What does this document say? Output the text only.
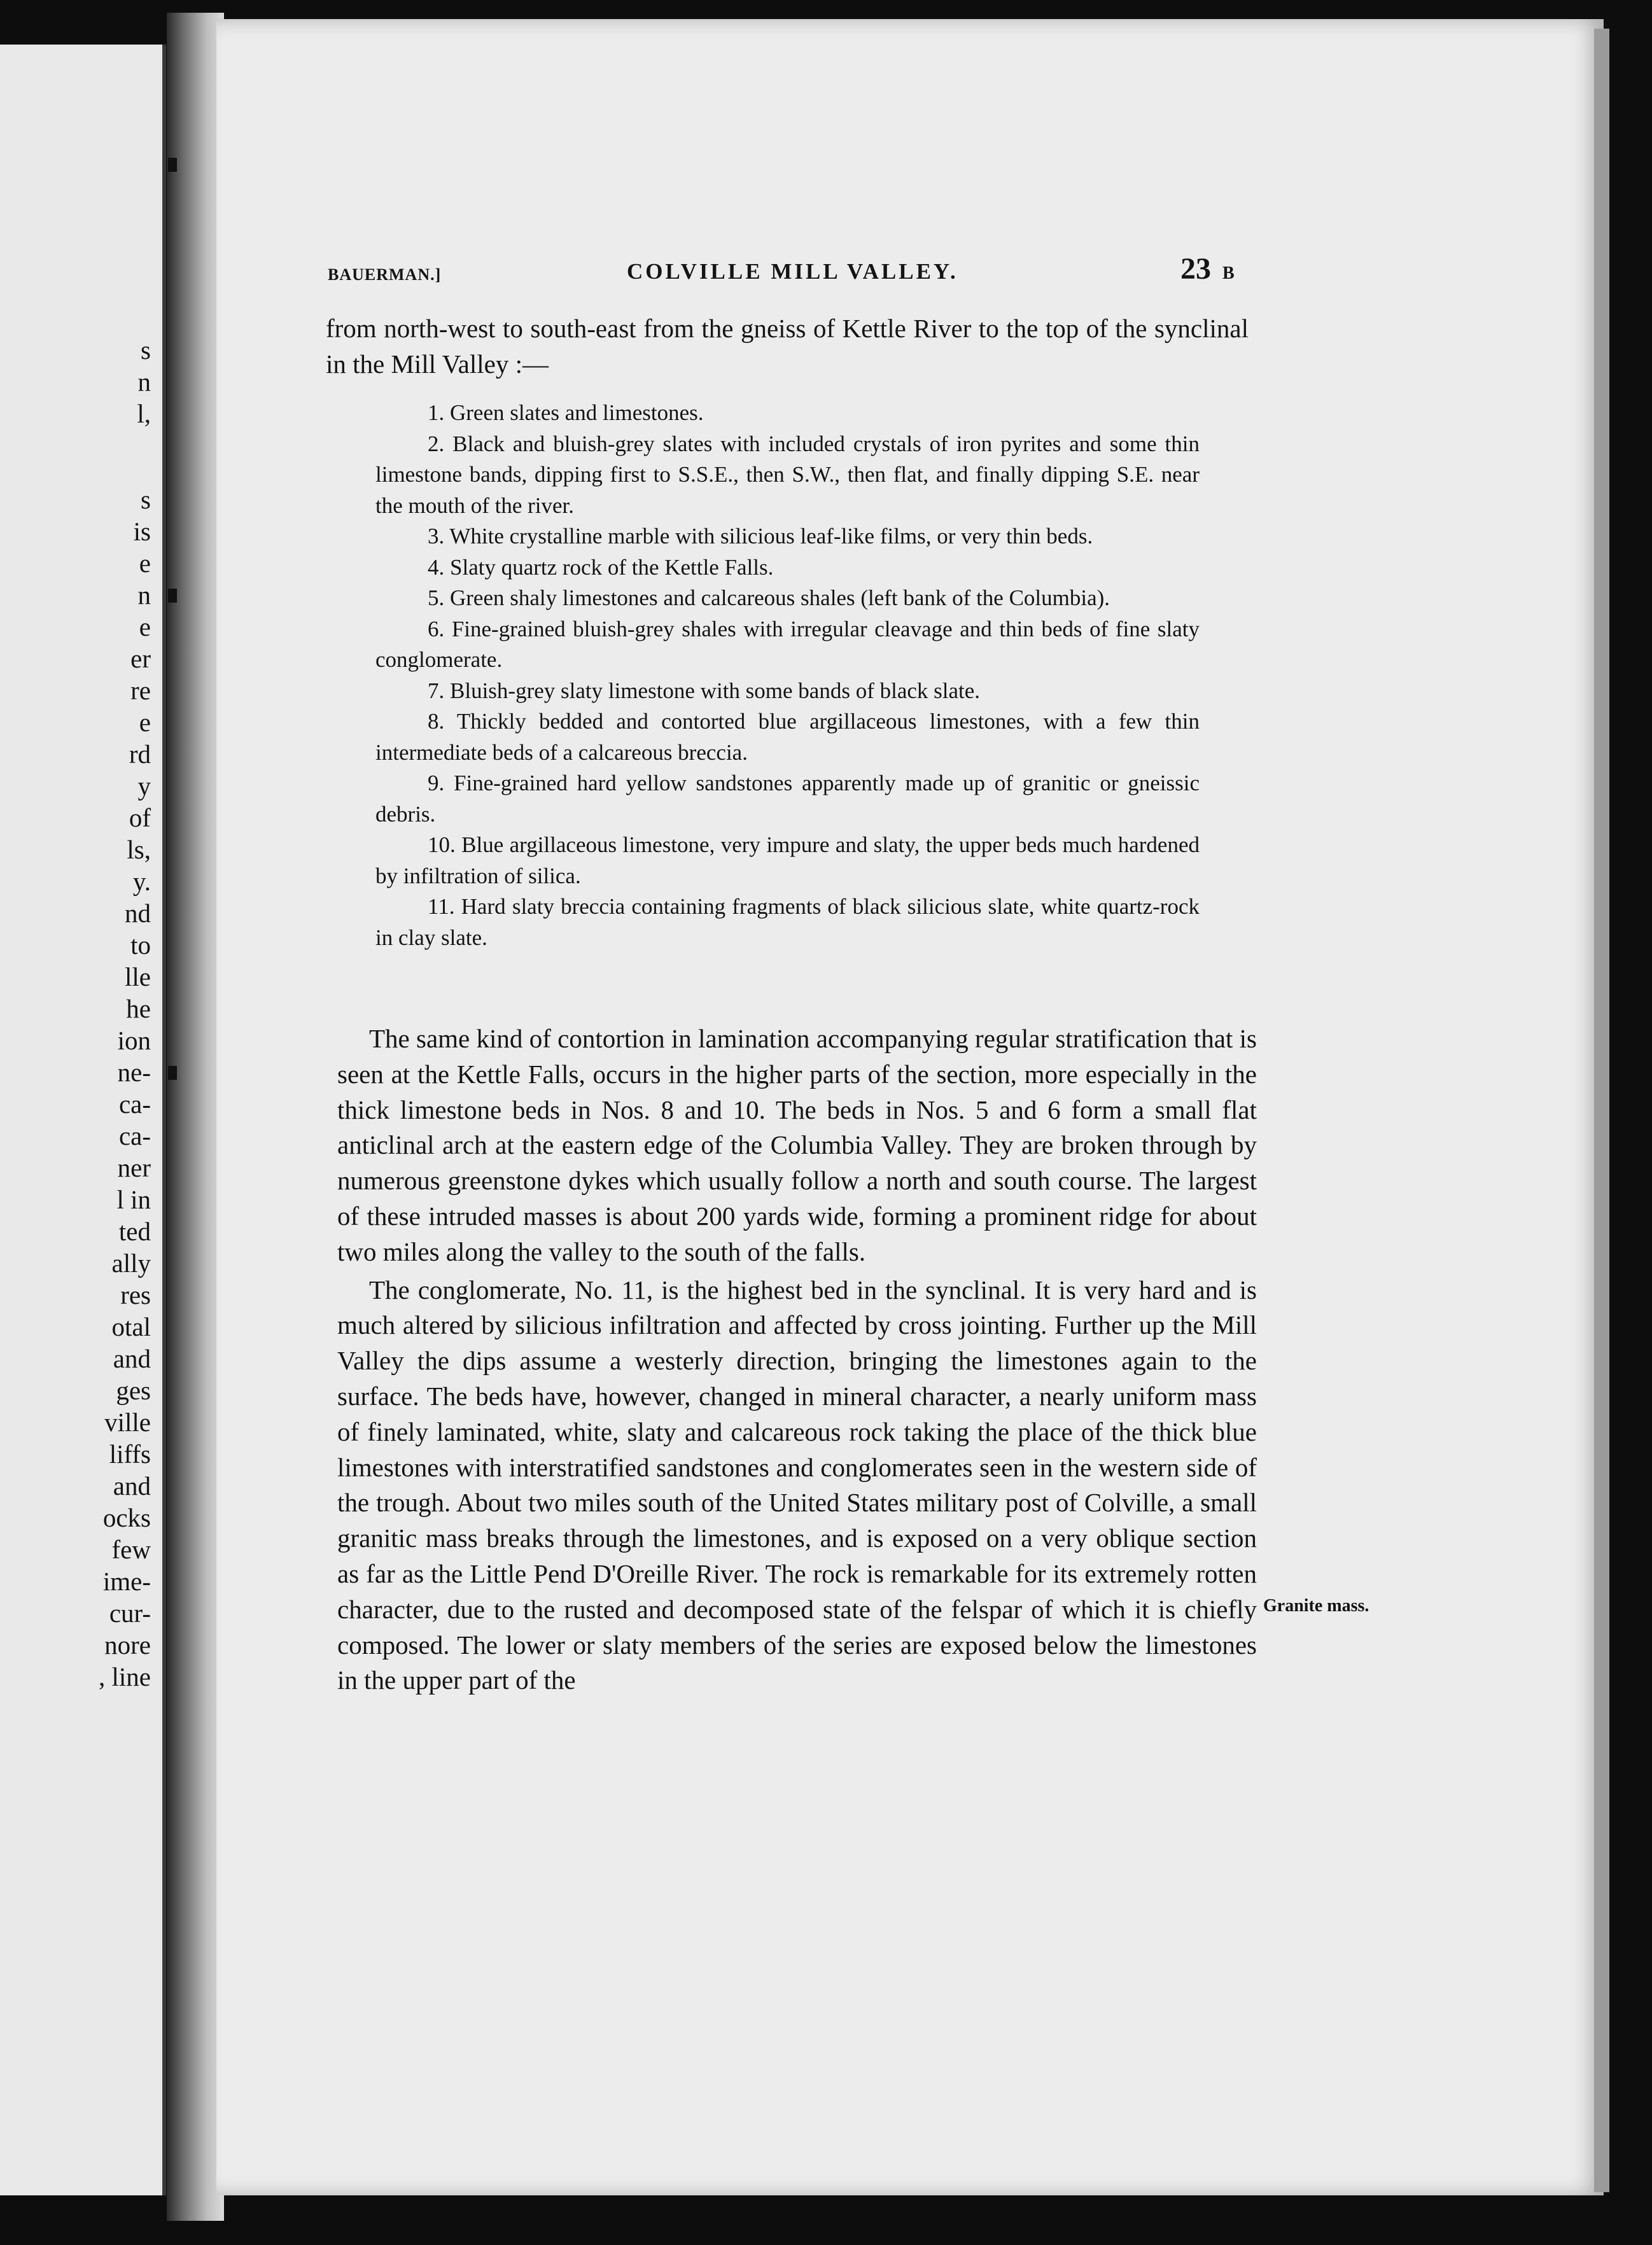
s
n
l,
s
is
e
n
e
er
re
e
rd
y
of
ls,
y.
nd
to
lle
he
ion
ne-
ca-
ca-
ner
l in
ted
ally
res
otal
and
ges
ville
liffs
and
ocks
few
ime-
cur-
nore
, line
BAUERMAN.]	COLVILLE MILL VALLEY.	23 B
from north-west to south-east from the gneiss of Kettle River to the top of the synclinal in the Mill Valley :—
1. Green slates and limestones.
2. Black and bluish-grey slates with included crystals of iron pyrites and some thin limestone bands, dipping first to S.S.E., then S.W., then flat, and finally dipping S.E. near the mouth of the river.
3. White crystalline marble with silicious leaf-like films, or very thin beds.
4. Slaty quartz rock of the Kettle Falls.
5. Green shaly limestones and calcareous shales (left bank of the Columbia).
6. Fine-grained bluish-grey shales with irregular cleavage and thin beds of fine slaty conglomerate.
7. Bluish-grey slaty limestone with some bands of black slate.
8. Thickly bedded and contorted blue argillaceous limestones, with a few thin intermediate beds of a calcareous breccia.
9. Fine-grained hard yellow sandstones apparently made up of granitic or gneissic debris.
10. Blue argillaceous limestone, very impure and slaty, the upper beds much hardened by infiltration of silica.
11. Hard slaty breccia containing fragments of black silicious slate, white quartz-rock in clay slate.

The same kind of contortion in lamination accompanying regular stratification that is seen at the Kettle Falls, occurs in the higher parts of the section, more especially in the thick limestone beds in Nos. 8 and 10. The beds in Nos. 5 and 6 form a small flat anticlinal arch at the eastern edge of the Columbia Valley. They are broken through by numerous greenstone dykes which usually follow a north and south course. The largest of these intruded masses is about 200 yards wide, forming a prominent ridge for about two miles along the valley to the south of the falls.

The conglomerate, No. 11, is the highest bed in the synclinal. It is very hard and is much altered by silicious infiltration and affected by cross jointing. Further up the Mill Valley the dips assume a westerly direction, bringing the limestones again to the surface. The beds have, however, changed in mineral character, a nearly uniform mass of finely laminated, white, slaty and calcareous rock taking the place of the thick blue limestones with interstratified sandstones and conglomerates seen in the western side of the trough. About two miles south of the United States military post of Colville, a small granitic mass breaks through the limestones, and is exposed on a very oblique section as far as the Little Pend D'Oreille River. The rock is remarkable for its extremely rotten character, due to the rusted and decomposed state of the felspar of which it is chiefly composed. The lower or slaty members of the series are exposed below the limestones in the upper part of the

Granite mass.
